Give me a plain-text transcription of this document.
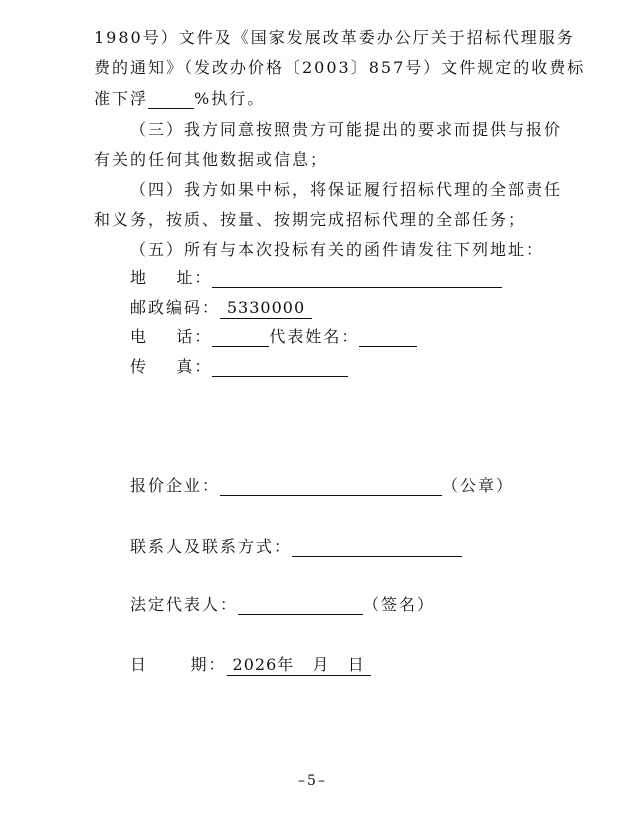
1980号）文件及《国家发展改革委办公厅关于招标代理服务
费的通知》（发改办价格〔2003〕857号）文件规定的收费标
准下浮	%执行。
（三）我方同意按照贵方可能提出的要求而提供与报价
有关的任何其他数据或信息；
（四）我方如果中标，将保证履行招标代理的全部责任
和义务，按质、按量、按期完成招标代理的全部任务；
（五）所有与本次投标有关的函件请发往下列地址：
地    址：
邮政编码： 5330000
电    话：	代表姓名：
传    真：
报价企业：	（公章）
联系人及联系方式：
法定代表人：	（签名）
日      期： 2026年   月   日
–5–
